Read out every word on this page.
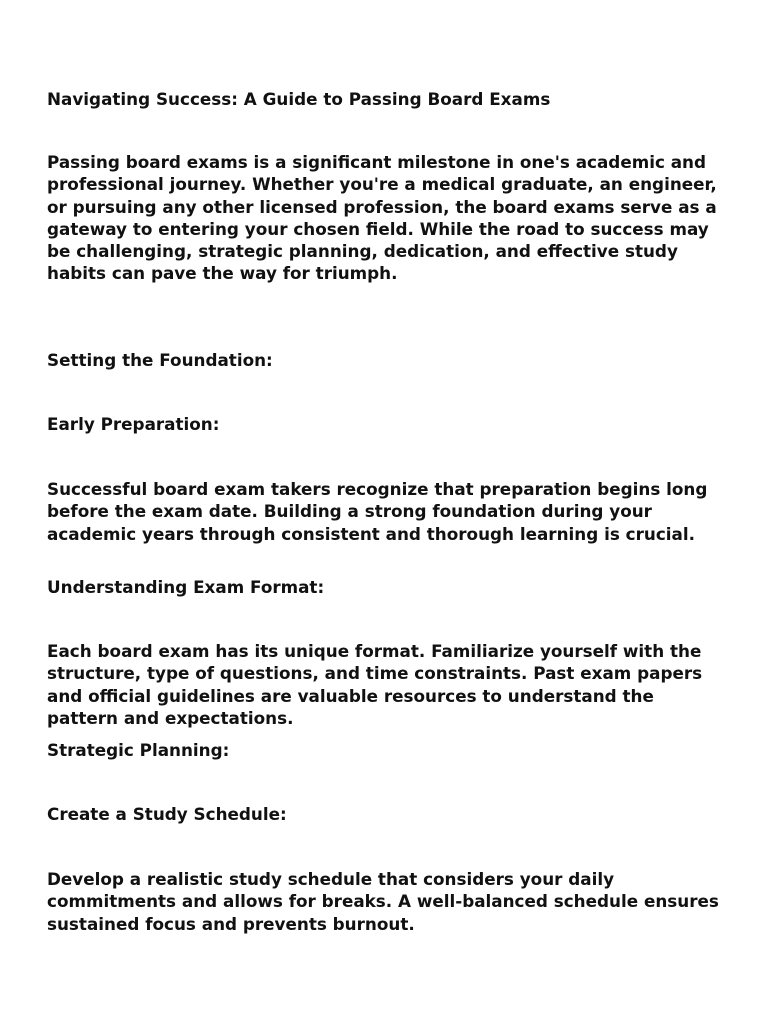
Navigating Success: A Guide to Passing Board Exams

Passing board exams is a significant milestone in one's academic and professional journey. Whether you're a medical graduate, an engineer, or pursuing any other licensed profession, the board exams serve as a gateway to entering your chosen field. While the road to success may be challenging, strategic planning, dedication, and effective study habits can pave the way for triumph.

Setting the Foundation:

Early Preparation:

Successful board exam takers recognize that preparation begins long before the exam date. Building a strong foundation during your academic years through consistent and thorough learning is crucial.

Understanding Exam Format:

Each board exam has its unique format. Familiarize yourself with the structure, type of questions, and time constraints. Past exam papers and official guidelines are valuable resources to understand the pattern and expectations.

Strategic Planning:

Create a Study Schedule:

Develop a realistic study schedule that considers your daily commitments and allows for breaks. A well-balanced schedule ensures sustained focus and prevents burnout.
